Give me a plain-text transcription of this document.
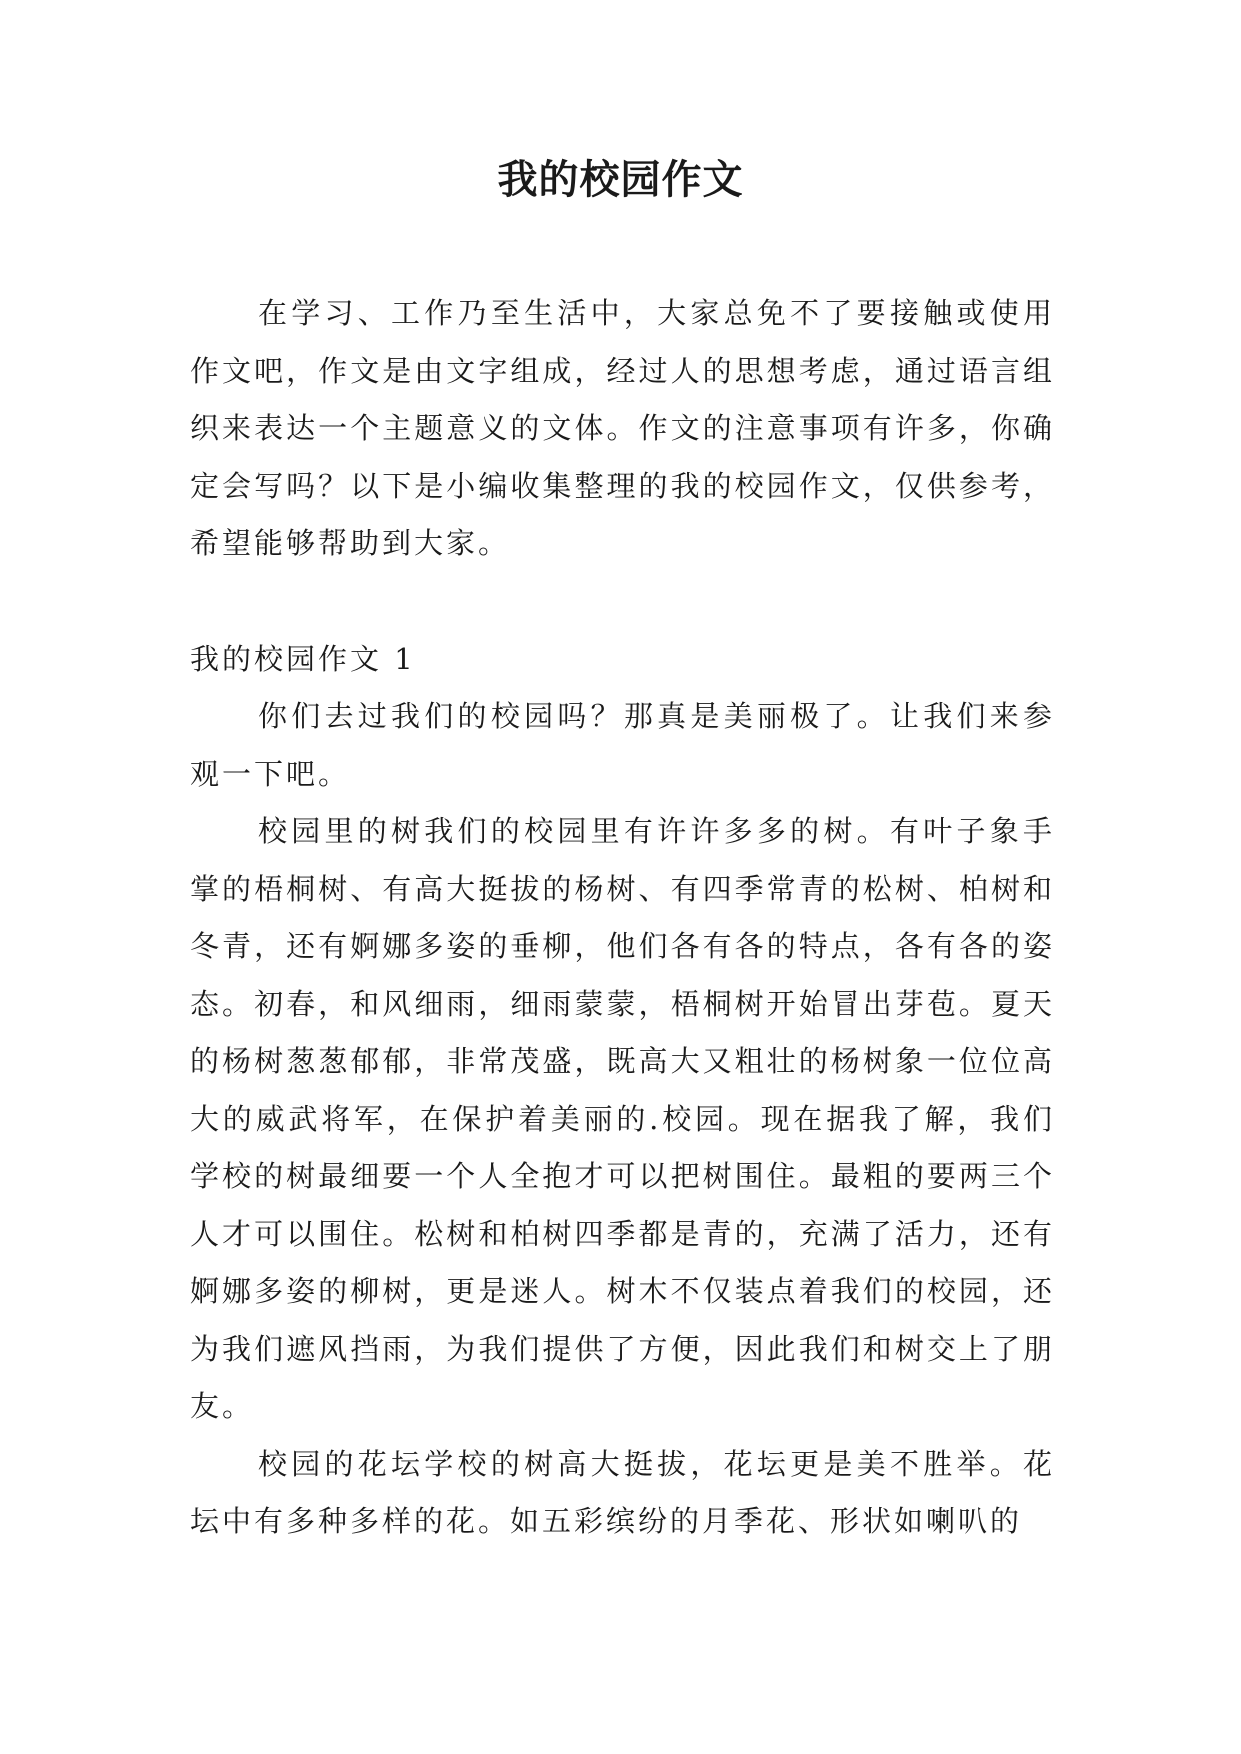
我的校园作文

在学习、工作乃至生活中，大家总免不了要接触或使用作文吧，作文是由文字组成，经过人的思想考虑，通过语言组织来表达一个主题意义的文体。作文的注意事项有许多，你确定会写吗？以下是小编收集整理的我的校园作文，仅供参考，希望能够帮助到大家。

我的校园作文 1

你们去过我们的校园吗？那真是美丽极了。让我们来参观一下吧。

校园里的树我们的校园里有许许多多的树。有叶子象手掌的梧桐树、有高大挺拔的杨树、有四季常青的松树、柏树和冬青，还有婀娜多姿的垂柳，他们各有各的特点，各有各的姿态。初春，和风细雨，细雨蒙蒙，梧桐树开始冒出芽苞。夏天的杨树葱葱郁郁，非常茂盛，既高大又粗壮的杨树象一位位高大的威武将军，在保护着美丽的.校园。现在据我了解，我们学校的树最细要一个人全抱才可以把树围住。最粗的要两三个人才可以围住。松树和柏树四季都是青的，充满了活力，还有婀娜多姿的柳树，更是迷人。树木不仅装点着我们的校园，还为我们遮风挡雨，为我们提供了方便，因此我们和树交上了朋友。

校园的花坛学校的树高大挺拔，花坛更是美不胜举。花坛中有多种多样的花。如五彩缤纷的月季花、形状如喇叭的
